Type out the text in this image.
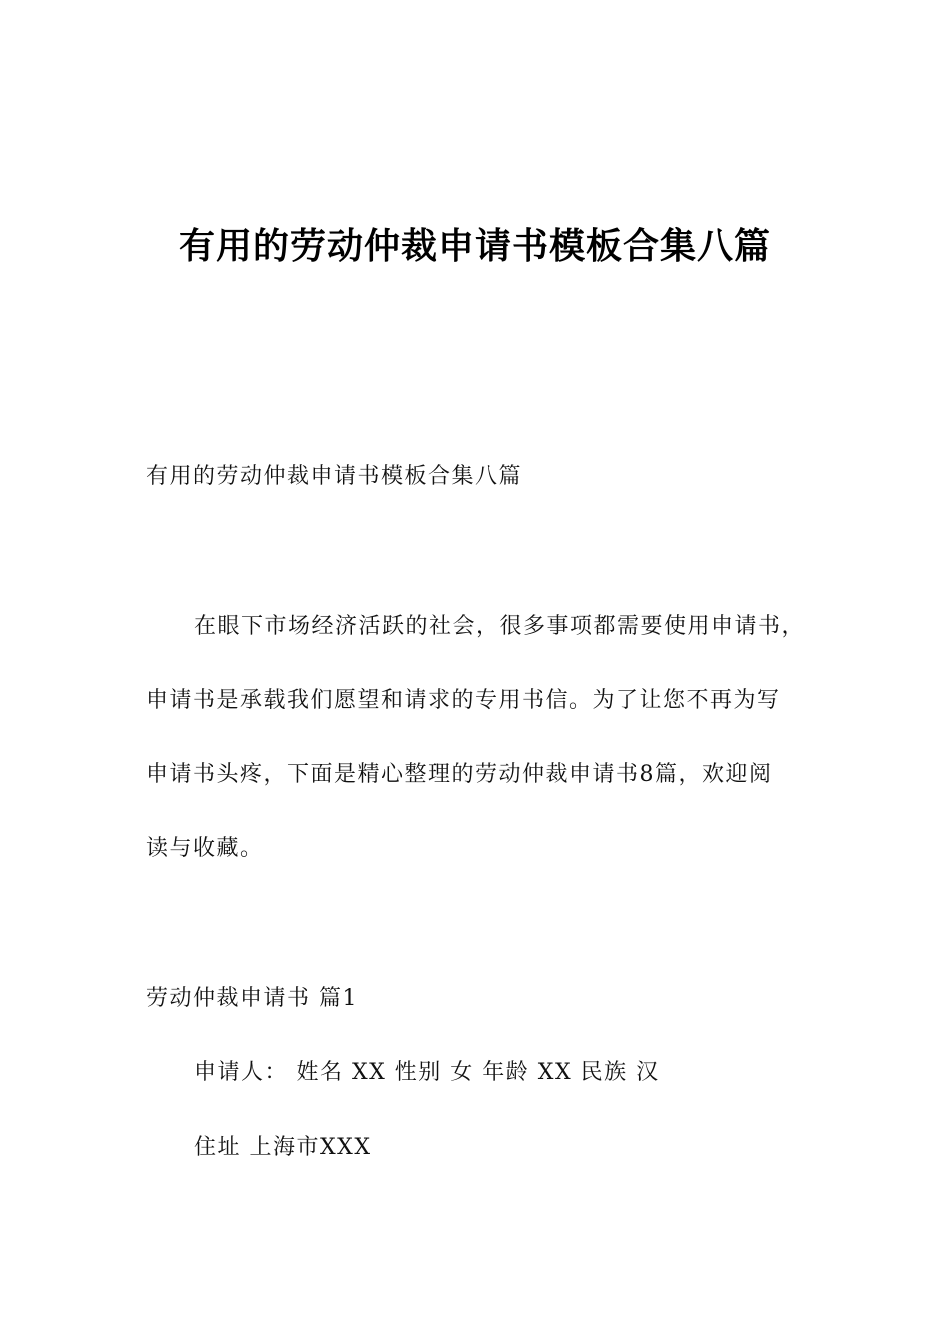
有用的劳动仲裁申请书模板合集八篇
有用的劳动仲裁申请书模板合集八篇
在眼下市场经济活跃的社会，很多事项都需要使用申请书，
申请书是承载我们愿望和请求的专用书信。为了让您不再为写
申请书头疼，下面是精心整理的劳动仲裁申请书8篇，欢迎阅
读与收藏。
劳动仲裁申请书 篇1
申请人： 姓名 XX 性别 女 年龄 XX 民族 汉
住址 上海市XXX
